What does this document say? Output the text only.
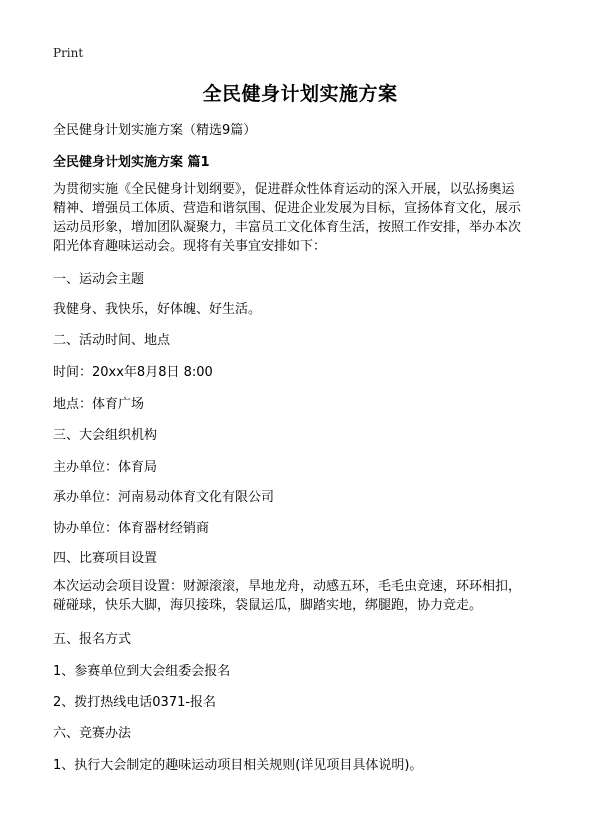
Print
全民健身计划实施方案
全民健身计划实施方案（精选9篇）
全民健身计划实施方案 篇1
为贯彻实施《全民健身计划纲要》，促进群众性体育运动的深入开展，以弘扬奥运
精神、增强员工体质、营造和谐氛围、促进企业发展为目标，宣扬体育文化，展示
运动员形象，增加团队凝聚力，丰富员工文化体育生活，按照工作安排，举办本次
阳光体育趣味运动会。现将有关事宜安排如下：
一、运动会主题
我健身、我快乐，好体魄、好生活。
二、活动时间、地点
时间：20xx年8月8日 8:00
地点：体育广场
三、大会组织机构
主办单位：体育局
承办单位：河南易动体育文化有限公司
协办单位：体育器材经销商
四、比赛项目设置
本次运动会项目设置：财源滚滚，旱地龙舟，动感五环，毛毛虫竞速，环环相扣，
碰碰球，快乐大脚，海贝接珠，袋鼠运瓜，脚踏实地，绑腿跑，协力竞走。
五、报名方式
1、参赛单位到大会组委会报名
2、拨打热线电话0371-报名
六、竞赛办法
1、执行大会制定的趣味运动项目相关规则(详见项目具体说明)。
